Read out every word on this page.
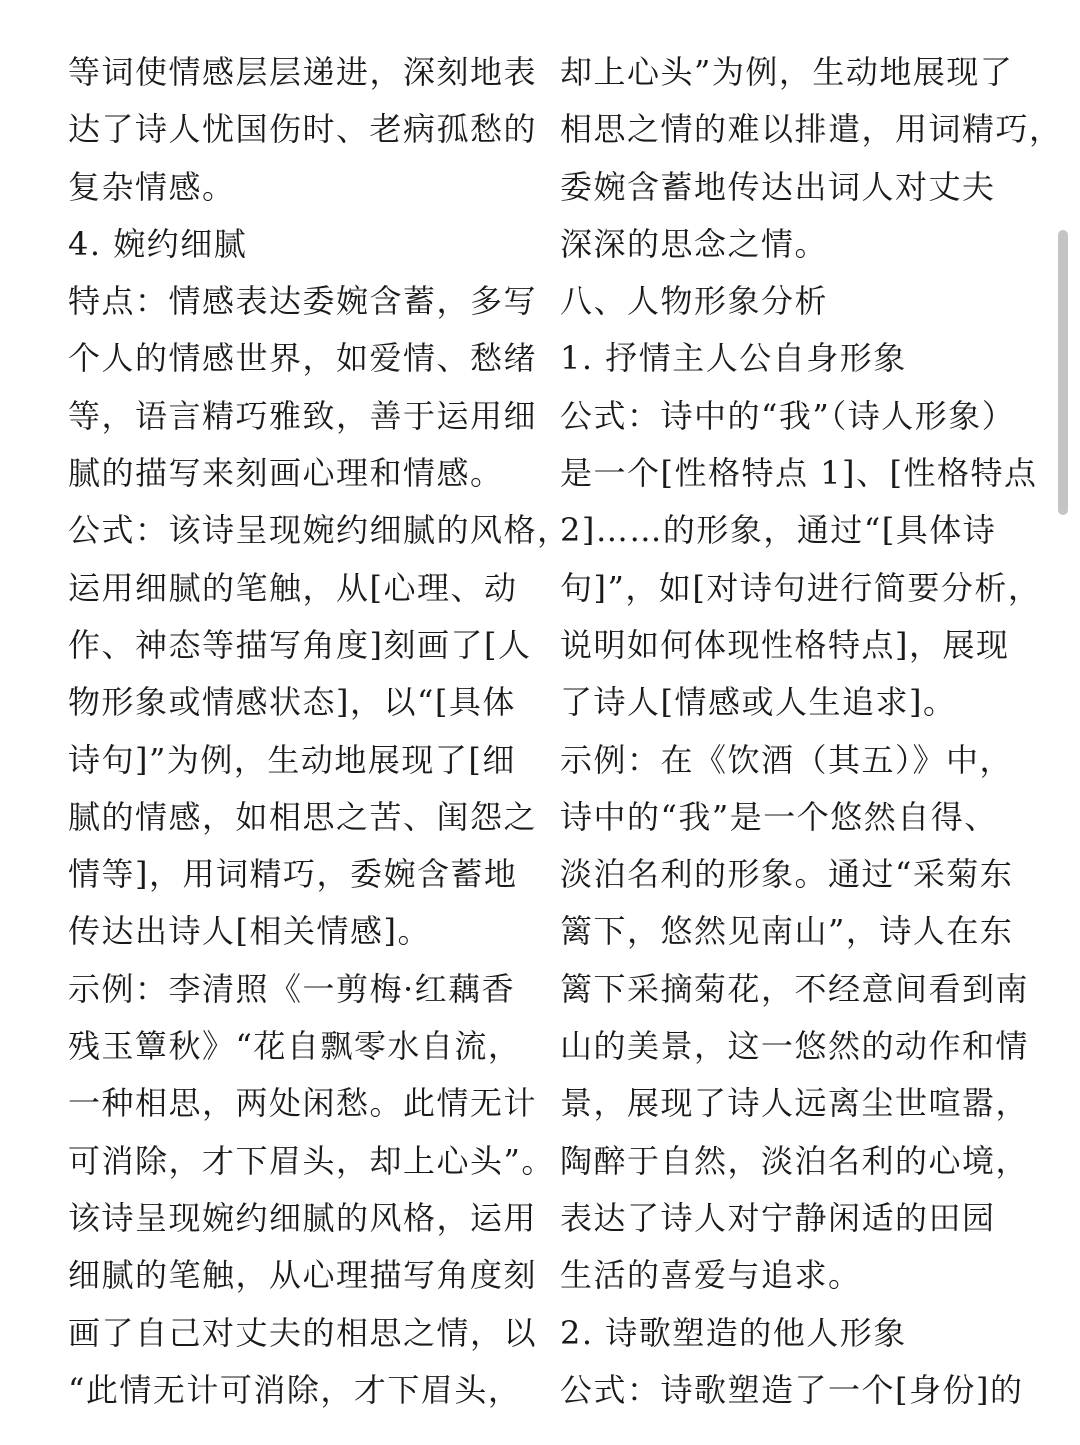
等词使情感层层递进，深刻地表
达了诗人忧国伤时、老病孤愁的
复杂情感。
4. 婉约细腻
特点：情感表达委婉含蓄，多写
个人的情感世界，如爱情、愁绪
等，语言精巧雅致，善于运用细
腻的描写来刻画心理和情感。
公式：该诗呈现婉约细腻的风格，
运用细腻的笔触，从[心理、动
作、神态等描写角度]刻画了[人
物形象或情感状态]，以“[具体
诗句]”为例，生动地展现了[细
腻的情感，如相思之苦、闺怨之
情等]，用词精巧，委婉含蓄地
传达出诗人[相关情感]。
示例：李清照《一剪梅·红藕香
残玉簟秋》“花自飘零水自流，
一种相思，两处闲愁。此情无计
可消除，才下眉头，却上心头”。
该诗呈现婉约细腻的风格，运用
细腻的笔触，从心理描写角度刻
画了自己对丈夫的相思之情，以
“此情无计可消除，才下眉头，
却上心头”为例，生动地展现了
相思之情的难以排遣，用词精巧，
委婉含蓄地传达出词人对丈夫
深深的思念之情。
八、人物形象分析
1. 抒情主人公自身形象
公式：诗中的“我”（诗人形象）
是一个[性格特点 1]、[性格特点
2]……的形象，通过“[具体诗
句]”，如[对诗句进行简要分析，
说明如何体现性格特点]，展现
了诗人[情感或人生追求]。
示例：在《饮酒（其五）》中，
诗中的“我”是一个悠然自得、
淡泊名利的形象。通过“采菊东
篱下，悠然见南山”，诗人在东
篱下采摘菊花，不经意间看到南
山的美景，这一悠然的动作和情
景，展现了诗人远离尘世喧嚣，
陶醉于自然，淡泊名利的心境，
表达了诗人对宁静闲适的田园
生活的喜爱与追求。
2. 诗歌塑造的他人形象
公式：诗歌塑造了一个[身份]的
